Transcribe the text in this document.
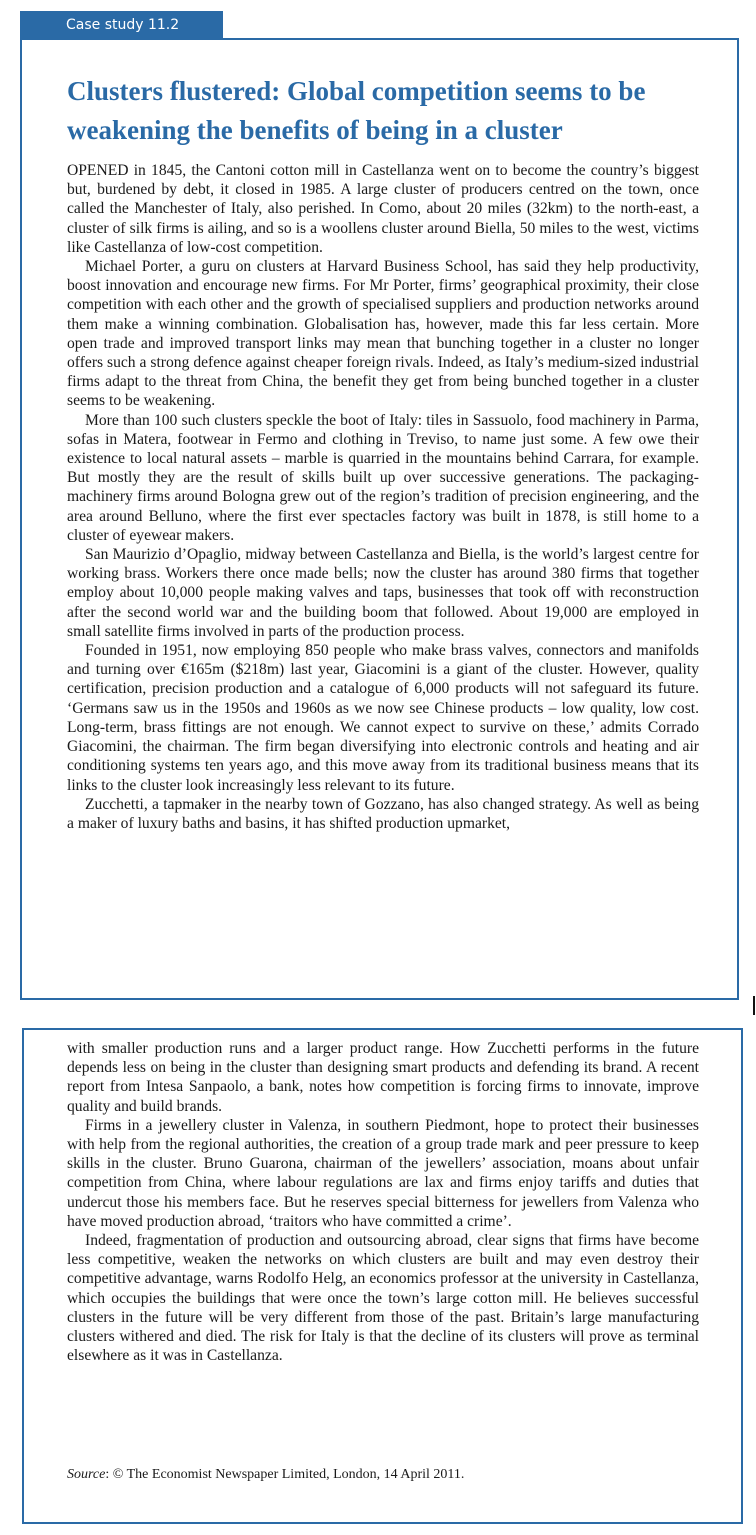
Case study 11.2
Clusters flustered: Global competition seems to be weakening the benefits of being in a cluster

OPENED in 1845, the Cantoni cotton mill in Castellanza went on to become the country’s biggest but, burdened by debt, it closed in 1985. A large cluster of producers centred on the town, once called the Manchester of Italy, also perished. In Como, about 20 miles (32km) to the north-east, a cluster of silk firms is ailing, and so is a woollens cluster around Biella, 50 miles to the west, victims like Castellanza of low-cost competition.

Michael Porter, a guru on clusters at Harvard Business School, has said they help productivity, boost innovation and encourage new firms. For Mr Porter, firms’ geographical proximity, their close competition with each other and the growth of specialised suppliers and production networks around them make a winning combination. Globalisation has, however, made this far less certain. More open trade and improved transport links may mean that bunching together in a cluster no longer offers such a strong defence against cheaper foreign rivals. Indeed, as Italy’s medium-sized industrial firms adapt to the threat from China, the benefit they get from being bunched together in a cluster seems to be weakening.

More than 100 such clusters speckle the boot of Italy: tiles in Sassuolo, food machinery in Parma, sofas in Matera, footwear in Fermo and clothing in Treviso, to name just some. A few owe their existence to local natural assets – marble is quarried in the mountains behind Carrara, for example. But mostly they are the result of skills built up over successive generations. The packaging-machinery firms around Bologna grew out of the region’s tradition of precision engineering, and the area around Belluno, where the first ever spectacles factory was built in 1878, is still home to a cluster of eyewear makers.

San Maurizio d’Opaglio, midway between Castellanza and Biella, is the world’s largest centre for working brass. Workers there once made bells; now the cluster has around 380 firms that together employ about 10,000 people making valves and taps, businesses that took off with reconstruction after the second world war and the building boom that followed. About 19,000 are employed in small satellite firms involved in parts of the production process.

Founded in 1951, now employing 850 people who make brass valves, connectors and manifolds and turning over €165m ($218m) last year, Giacomini is a giant of the cluster. However, quality certification, precision production and a catalogue of 6,000 products will not safeguard its future. ‘Germans saw us in the 1950s and 1960s as we now see Chinese products – low quality, low cost. Long-term, brass fittings are not enough. We cannot expect to survive on these,’ admits Corrado Giacomini, the chairman. The firm began diversifying into electronic controls and heating and air conditioning systems ten years ago, and this move away from its traditional business means that its links to the cluster look increasingly less relevant to its future.

Zucchetti, a tapmaker in the nearby town of Gozzano, has also changed strategy. As well as being a maker of luxury baths and basins, it has shifted production upmarket,

with smaller production runs and a larger product range. How Zucchetti performs in the future depends less on being in the cluster than designing smart products and defending its brand. A recent report from Intesa Sanpaolo, a bank, notes how competition is forcing firms to innovate, improve quality and build brands.

Firms in a jewellery cluster in Valenza, in southern Piedmont, hope to protect their businesses with help from the regional authorities, the creation of a group trade mark and peer pressure to keep skills in the cluster. Bruno Guarona, chairman of the jewellers’ association, moans about unfair competition from China, where labour regulations are lax and firms enjoy tariffs and duties that undercut those his members face. But he reserves special bitterness for jewellers from Valenza who have moved production abroad, ‘traitors who have committed a crime’.

Indeed, fragmentation of production and outsourcing abroad, clear signs that firms have become less competitive, weaken the networks on which clusters are built and may even destroy their competitive advantage, warns Rodolfo Helg, an economics professor at the university in Castellanza, which occupies the buildings that were once the town’s large cotton mill. He believes successful clusters in the future will be very different from those of the past. Britain’s large manufacturing clusters withered and died. The risk for Italy is that the decline of its clusters will prove as terminal elsewhere as it was in Castellanza.

Source: © The Economist Newspaper Limited, London, 14 April 2011.
